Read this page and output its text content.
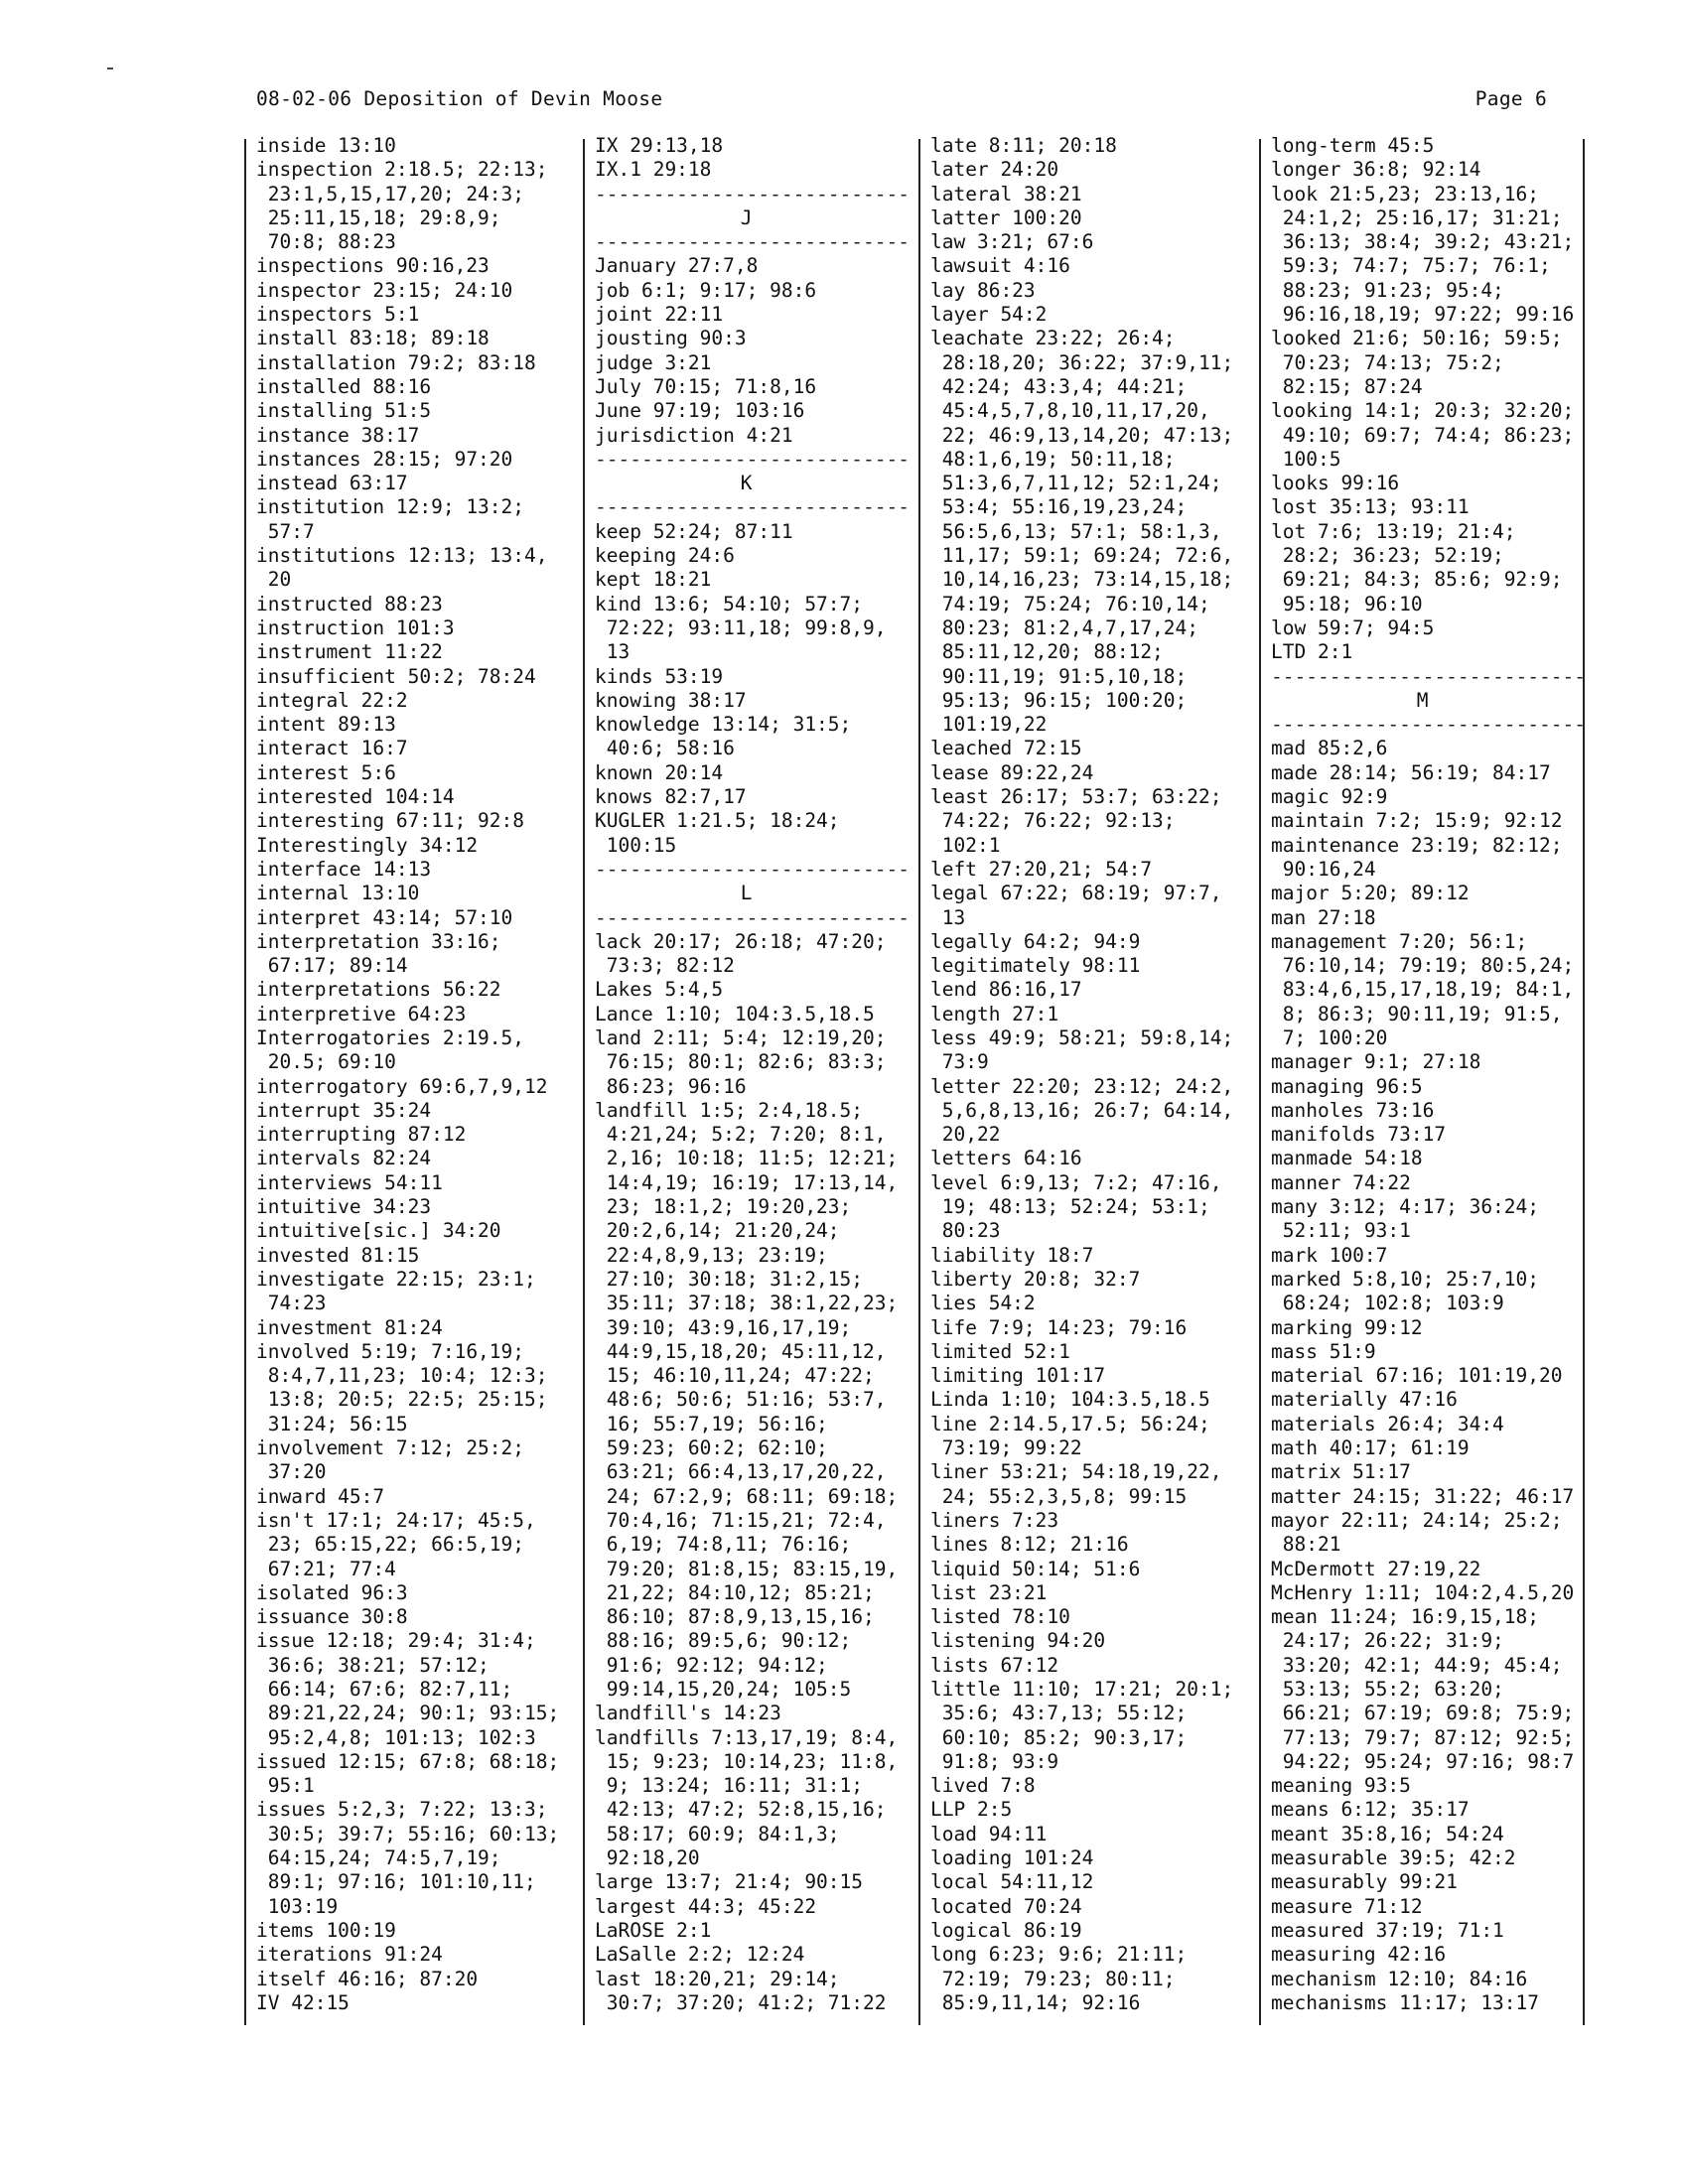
08-02-06 Deposition of Devin Moose	Page 6
inside 13:10
inspection 2:18.5; 22:13;
23:1,5,15,17,20; 24:3;
25:11,15,18; 29:8,9;
70:8; 88:23
inspections 90:16,23
inspector 23:15; 24:10
inspectors 5:1
install 83:18; 89:18
installation 79:2; 83:18
installed 88:16
installing 51:5
instance 38:17
instances 28:15; 97:20
instead 63:17
institution 12:9; 13:2;
57:7
institutions 12:13; 13:4,
20
instructed 88:23
instruction 101:3
instrument 11:22
insufficient 50:2; 78:24
integral 22:2
intent 89:13
interact 16:7
interest 5:6
interested 104:14
interesting 67:11; 92:8
Interestingly 34:12
interface 14:13
internal 13:10
interpret 43:14; 57:10
interpretation 33:16;
67:17; 89:14
interpretations 56:22
interpretive 64:23
Interrogatories 2:19.5,
20.5; 69:10
interrogatory 69:6,7,9,12
interrupt 35:24
interrupting 87:12
intervals 82:24
interviews 54:11
intuitive 34:23
intuitive[sic.] 34:20
invested 81:15
investigate 22:15; 23:1;
74:23
investment 81:24
involved 5:19; 7:16,19;
8:4,7,11,23; 10:4; 12:3;
13:8; 20:5; 22:5; 25:15;
31:24; 56:15
involvement 7:12; 25:2;
37:20
inward 45:7
isn't 17:1; 24:17; 45:5,
23; 65:15,22; 66:5,19;
67:21; 77:4
isolated 96:3
issuance 30:8
issue 12:18; 29:4; 31:4;
36:6; 38:21; 57:12;
66:14; 67:6; 82:7,11;
89:21,22,24; 90:1; 93:15;
95:2,4,8; 101:13; 102:3
issued 12:15; 67:8; 68:18;
95:1
issues 5:2,3; 7:22; 13:3;
30:5; 39:7; 55:16; 60:13;
64:15,24; 74:5,7,19;
89:1; 97:16; 101:10,11;
103:19
items 100:19
iterations 91:24
itself 46:16; 87:20
IV 42:15
IX 29:13,18
IX.1 29:18
---------------------------
J
---------------------------
January 27:7,8
job 6:1; 9:17; 98:6
joint 22:11
jousting 90:3
judge 3:21
July 70:15; 71:8,16
June 97:19; 103:16
jurisdiction 4:21
---------------------------
K
---------------------------
keep 52:24; 87:11
keeping 24:6
kept 18:21
kind 13:6; 54:10; 57:7;
72:22; 93:11,18; 99:8,9,
13
kinds 53:19
knowing 38:17
knowledge 13:14; 31:5;
40:6; 58:16
known 20:14
knows 82:7,17
KUGLER 1:21.5; 18:24;
100:15
---------------------------
L
---------------------------
lack 20:17; 26:18; 47:20;
73:3; 82:12
Lakes 5:4,5
Lance 1:10; 104:3.5,18.5
land 2:11; 5:4; 12:19,20;
76:15; 80:1; 82:6; 83:3;
86:23; 96:16
landfill 1:5; 2:4,18.5;
4:21,24; 5:2; 7:20; 8:1,
2,16; 10:18; 11:5; 12:21;
14:4,19; 16:19; 17:13,14,
23; 18:1,2; 19:20,23;
20:2,6,14; 21:20,24;
22:4,8,9,13; 23:19;
27:10; 30:18; 31:2,15;
35:11; 37:18; 38:1,22,23;
39:10; 43:9,16,17,19;
44:9,15,18,20; 45:11,12,
15; 46:10,11,24; 47:22;
48:6; 50:6; 51:16; 53:7,
16; 55:7,19; 56:16;
59:23; 60:2; 62:10;
63:21; 66:4,13,17,20,22,
24; 67:2,9; 68:11; 69:18;
70:4,16; 71:15,21; 72:4,
6,19; 74:8,11; 76:16;
79:20; 81:8,15; 83:15,19,
21,22; 84:10,12; 85:21;
86:10; 87:8,9,13,15,16;
88:16; 89:5,6; 90:12;
91:6; 92:12; 94:12;
99:14,15,20,24; 105:5
landfill's 14:23
landfills 7:13,17,19; 8:4,
15; 9:23; 10:14,23; 11:8,
9; 13:24; 16:11; 31:1;
42:13; 47:2; 52:8,15,16;
58:17; 60:9; 84:1,3;
92:18,20
large 13:7; 21:4; 90:15
largest 44:3; 45:22
LaROSE 2:1
LaSalle 2:2; 12:24
last 18:20,21; 29:14;
30:7; 37:20; 41:2; 71:22
late 8:11; 20:18
later 24:20
lateral 38:21
latter 100:20
law 3:21; 67:6
lawsuit 4:16
lay 86:23
layer 54:2
leachate 23:22; 26:4;
28:18,20; 36:22; 37:9,11;
42:24; 43:3,4; 44:21;
45:4,5,7,8,10,11,17,20,
22; 46:9,13,14,20; 47:13;
48:1,6,19; 50:11,18;
51:3,6,7,11,12; 52:1,24;
53:4; 55:16,19,23,24;
56:5,6,13; 57:1; 58:1,3,
11,17; 59:1; 69:24; 72:6,
10,14,16,23; 73:14,15,18;
74:19; 75:24; 76:10,14;
80:23; 81:2,4,7,17,24;
85:11,12,20; 88:12;
90:11,19; 91:5,10,18;
95:13; 96:15; 100:20;
101:19,22
leached 72:15
lease 89:22,24
least 26:17; 53:7; 63:22;
74:22; 76:22; 92:13;
102:1
left 27:20,21; 54:7
legal 67:22; 68:19; 97:7,
13
legally 64:2; 94:9
legitimately 98:11
lend 86:16,17
length 27:1
less 49:9; 58:21; 59:8,14;
73:9
letter 22:20; 23:12; 24:2,
5,6,8,13,16; 26:7; 64:14,
20,22
letters 64:16
level 6:9,13; 7:2; 47:16,
19; 48:13; 52:24; 53:1;
80:23
liability 18:7
liberty 20:8; 32:7
lies 54:2
life 7:9; 14:23; 79:16
limited 52:1
limiting 101:17
Linda 1:10; 104:3.5,18.5
line 2:14.5,17.5; 56:24;
73:19; 99:22
liner 53:21; 54:18,19,22,
24; 55:2,3,5,8; 99:15
liners 7:23
lines 8:12; 21:16
liquid 50:14; 51:6
list 23:21
listed 78:10
listening 94:20
lists 67:12
little 11:10; 17:21; 20:1;
35:6; 43:7,13; 55:12;
60:10; 85:2; 90:3,17;
91:8; 93:9
lived 7:8
LLP 2:5
load 94:11
loading 101:24
local 54:11,12
located 70:24
logical 86:19
long 6:23; 9:6; 21:11;
72:19; 79:23; 80:11;
85:9,11,14; 92:16
long-term 45:5
longer 36:8; 92:14
look 21:5,23; 23:13,16;
24:1,2; 25:16,17; 31:21;
36:13; 38:4; 39:2; 43:21;
59:3; 74:7; 75:7; 76:1;
88:23; 91:23; 95:4;
96:16,18,19; 97:22; 99:16
looked 21:6; 50:16; 59:5;
70:23; 74:13; 75:2;
82:15; 87:24
looking 14:1; 20:3; 32:20;
49:10; 69:7; 74:4; 86:23;
100:5
looks 99:16
lost 35:13; 93:11
lot 7:6; 13:19; 21:4;
28:2; 36:23; 52:19;
69:21; 84:3; 85:6; 92:9;
95:18; 96:10
low 59:7; 94:5
LTD 2:1
---------------------------
M
---------------------------
mad 85:2,6
made 28:14; 56:19; 84:17
magic 92:9
maintain 7:2; 15:9; 92:12
maintenance 23:19; 82:12;
90:16,24
major 5:20; 89:12
man 27:18
management 7:20; 56:1;
76:10,14; 79:19; 80:5,24;
83:4,6,15,17,18,19; 84:1,
8; 86:3; 90:11,19; 91:5,
7; 100:20
manager 9:1; 27:18
managing 96:5
manholes 73:16
manifolds 73:17
manmade 54:18
manner 74:22
many 3:12; 4:17; 36:24;
52:11; 93:1
mark 100:7
marked 5:8,10; 25:7,10;
68:24; 102:8; 103:9
marking 99:12
mass 51:9
material 67:16; 101:19,20
materially 47:16
materials 26:4; 34:4
math 40:17; 61:19
matrix 51:17
matter 24:15; 31:22; 46:17
mayor 22:11; 24:14; 25:2;
88:21
McDermott 27:19,22
McHenry 1:11; 104:2,4.5,20
mean 11:24; 16:9,15,18;
24:17; 26:22; 31:9;
33:20; 42:1; 44:9; 45:4;
53:13; 55:2; 63:20;
66:21; 67:19; 69:8; 75:9;
77:13; 79:7; 87:12; 92:5;
94:22; 95:24; 97:16; 98:7
meaning 93:5
means 6:12; 35:17
meant 35:8,16; 54:24
measurable 39:5; 42:2
measurably 99:21
measure 71:12
measured 37:19; 71:1
measuring 42:16
mechanism 12:10; 84:16
mechanisms 11:17; 13:17
